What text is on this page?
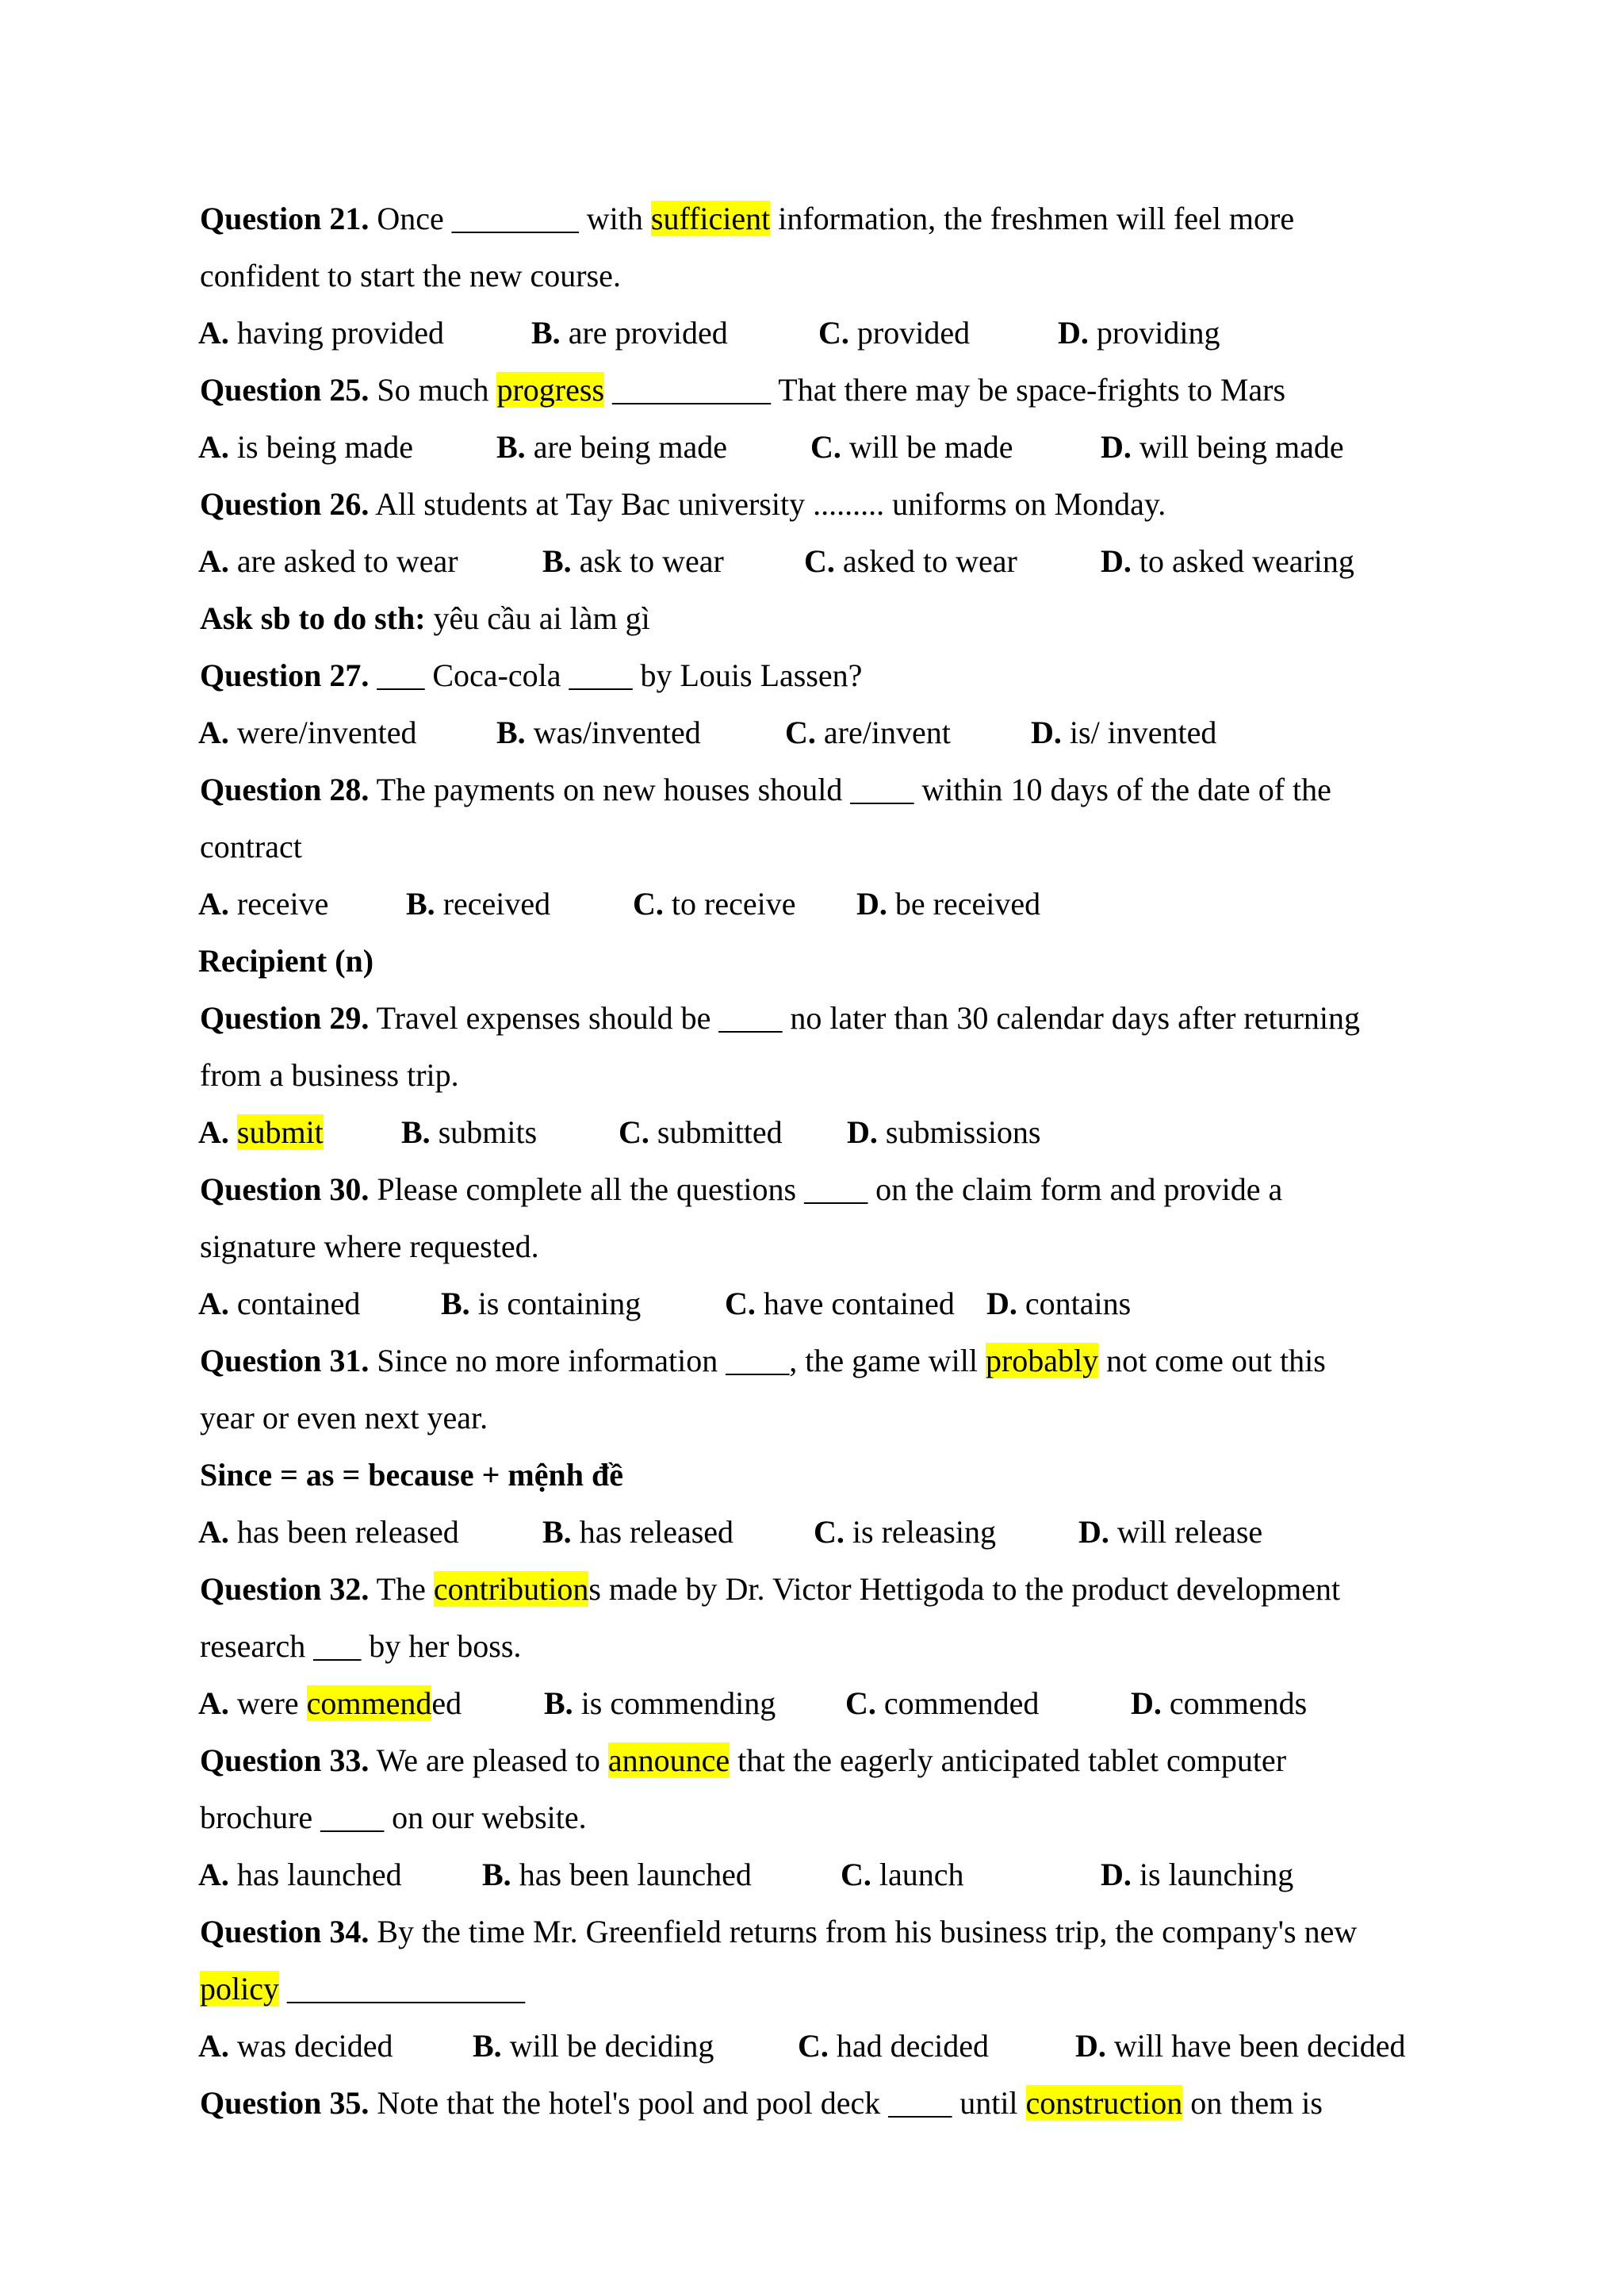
Question 21. Once ________ with sufficient information, the freshmen will feel more
confident to start the new course.
A. having provided	B. are provided	C. provided	D. providing
Question 25. So much progress __________ That there may be space-frights to Mars
A. is being made	B. are being made	C. will be made	D. will being made
Question 26. All students at Tay Bac university ......... uniforms on Monday.
A. are asked to wear	B. ask to wear	C. asked to wear	D. to asked wearing
Ask sb to do sth: yêu cầu ai làm gì
Question 27. ___ Coca-cola ____ by Louis Lassen?
A. were/invented	B. was/invented	C. are/invent	D. is/ invented
Question 28. The payments on new houses should ____ within 10 days of the date of the
contract
A. receive B. received	C. to receive D. be received
Recipient (n)
Question 29. Travel expenses should be ____ no later than 30 calendar days after returning
from a business trip.
A. submit B. submits	C. submitted D. submissions
Question 30. Please complete all the questions ____ on the claim form and provide a
signature where requested.
A. contained	B. is containing	C. have contained D. contains
Question 31. Since no more information ____, the game will probably not come out this
year or even next year.
Since = as = because + mệnh đề
A. has been released	B. has released	C. is releasing	D. will release
Question 32. The contributions made by Dr. Victor Hettigoda to the product development
research ___ by her boss.
A. were commended	B. is commending C. commended	D. commends
Question 33. We are pleased to announce that the eagerly anticipated tablet computer
brochure ____ on our website.
A. has launched	B. has been launched	C. launch	D. is launching
Question 34. By the time Mr. Greenfield returns from his business trip, the company's new
policy _______________
A. was decided	B. will be deciding	C. had decided	D. will have been decided
Question 35. Note that the hotel's pool and pool deck ____ until construction on them is
